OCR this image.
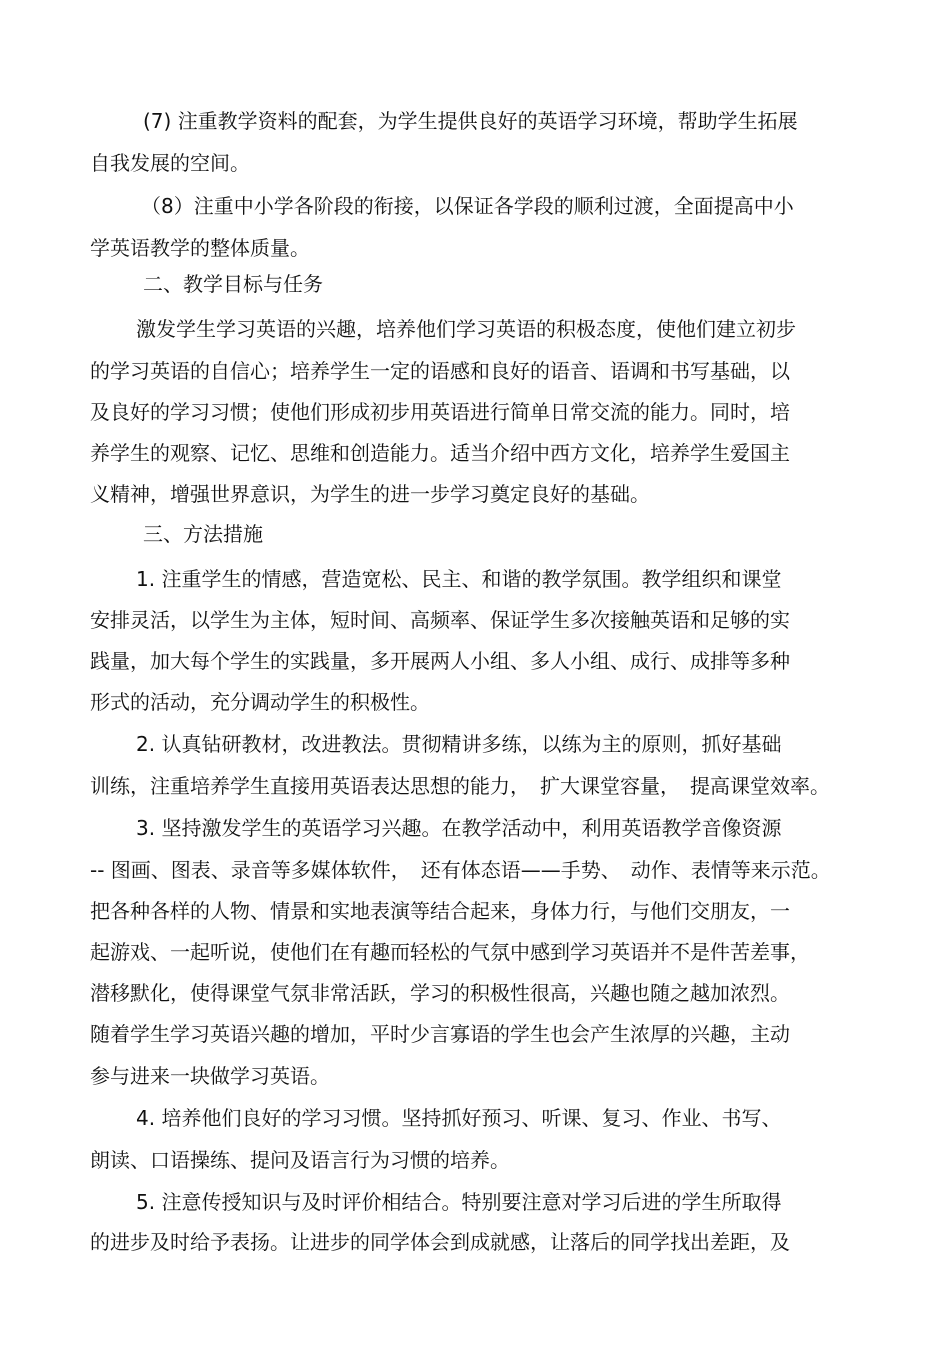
(7) 注重教学资料的配套，为学生提供良好的英语学习环境，帮助学生拓展
自我发展的空间。
（8）注重中小学各阶段的衔接，以保证各学段的顺利过渡，全面提高中小
学英语教学的整体质量。
二、教学目标与任务
激发学生学习英语的兴趣，培养他们学习英语的积极态度，使他们建立初步
的学习英语的自信心；培养学生一定的语感和良好的语音、语调和书写基础，以
及良好的学习习惯；使他们形成初步用英语进行简单日常交流的能力。同时，培
养学生的观察、记忆、思维和创造能力。适当介绍中西方文化，培养学生爱国主
义精神，增强世界意识，为学生的进一步学习奠定良好的基础。
三、方法措施
1. 注重学生的情感，营造宽松、民主、和谐的教学氛围。教学组织和课堂
安排灵活，以学生为主体，短时间、高频率、保证学生多次接触英语和足够的实
践量，加大每个学生的实践量，多开展两人小组、多人小组、成行、成排等多种
形式的活动，充分调动学生的积极性。
2. 认真钻研教材，改进教法。贯彻精讲多练，以练为主的原则，抓好基础
训练，注重培养学生直接用英语表达思想的能力，　扩大课堂容量，　提高课堂效率。
3. 坚持激发学生的英语学习兴趣。在教学活动中，利用英语教学音像资源
-- 图画、图表、录音等多媒体软件，　还有体态语——手势、　动作、表情等来示范。
把各种各样的人物、情景和实地表演等结合起来，身体力行，与他们交朋友，一
起游戏、一起听说，使他们在有趣而轻松的气氛中感到学习英语并不是件苦差事，
潜移默化，使得课堂气氛非常活跃，学习的积极性很高，兴趣也随之越加浓烈。
随着学生学习英语兴趣的增加，平时少言寡语的学生也会产生浓厚的兴趣，主动
参与进来一块做学习英语。
4. 培养他们良好的学习习惯。坚持抓好预习、听课、复习、作业、书写、
朗读、口语操练、提问及语言行为习惯的培养。
5. 注意传授知识与及时评价相结合。特别要注意对学习后进的学生所取得
的进步及时给予表扬。让进步的同学体会到成就感，让落后的同学找出差距，及
